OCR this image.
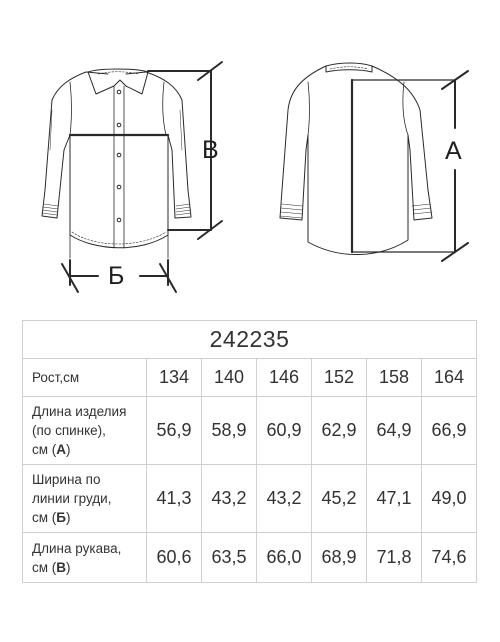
В
Б
А
242235						
Рост,см	134	140	146	152	158	164
Длина изделия
(по спинке),
см (А)	56,9	58,9	60,9	62,9	64,9	66,9
Ширина по
линии груди,
см (Б)	41,3	43,2	43,2	45,2	47,1	49,0
Длина рукава,
см (В)	60,6	63,5	66,0	68,9	71,8	74,6
